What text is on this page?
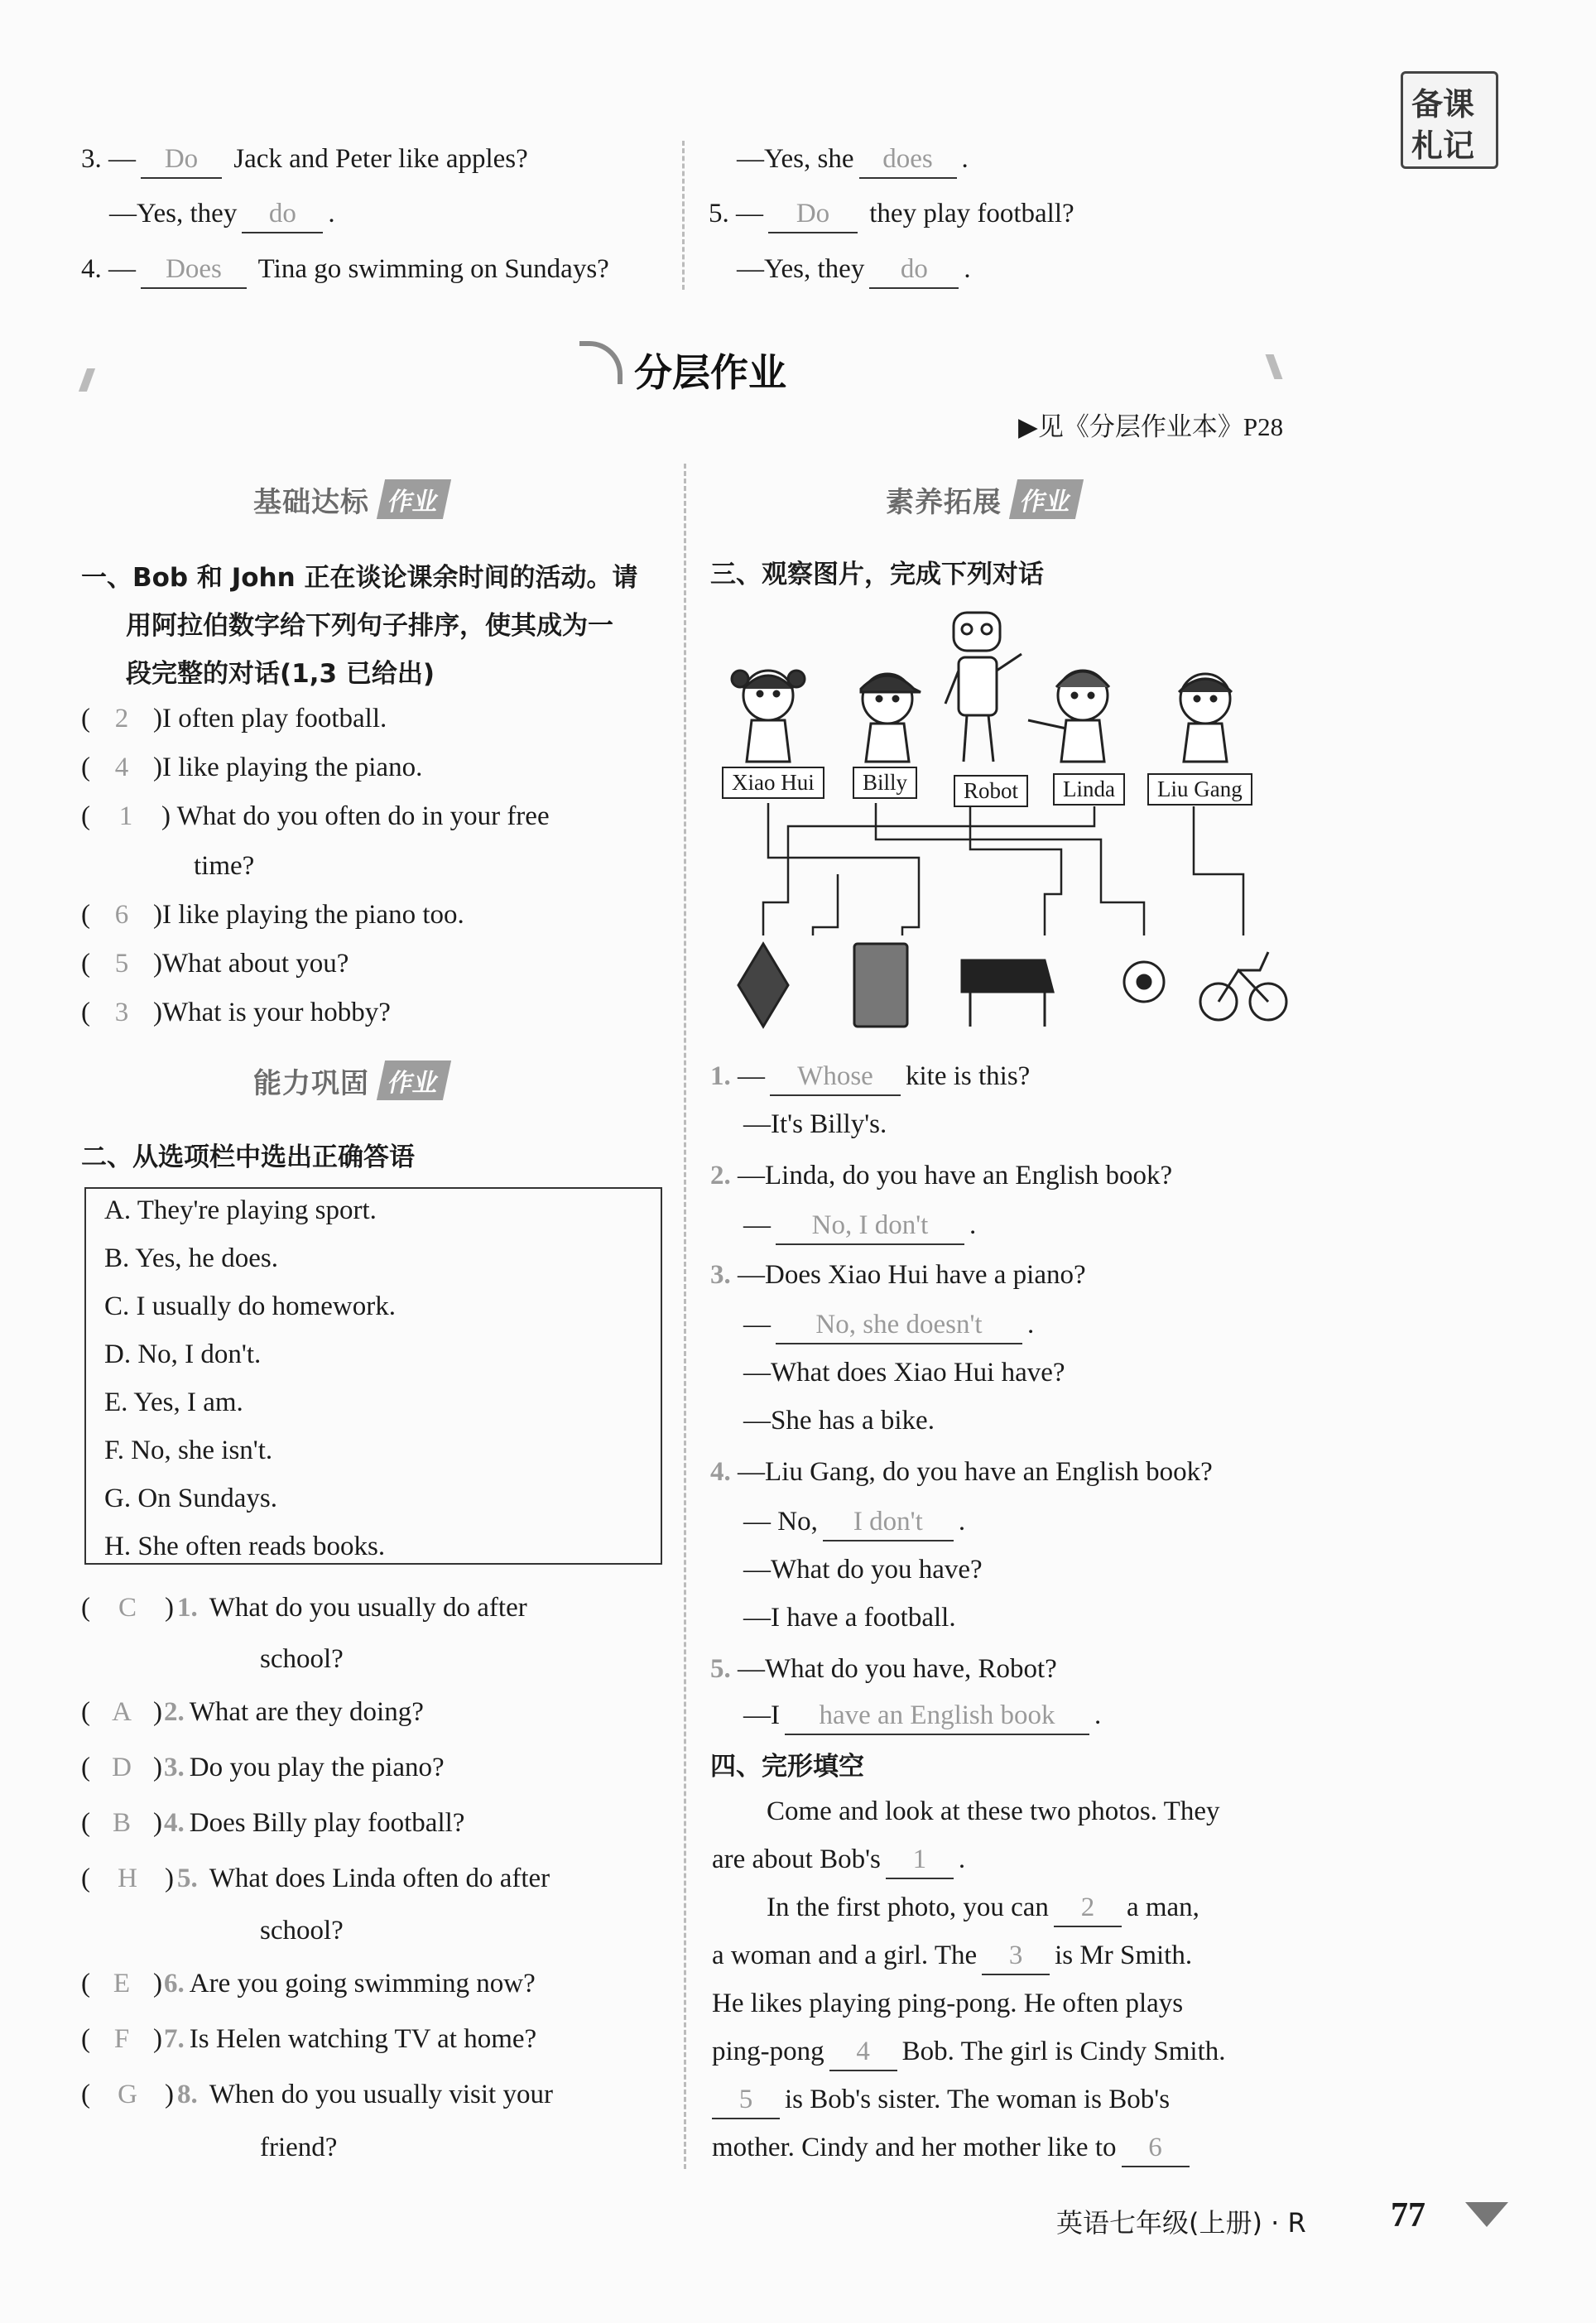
备课
札记
3. — Do Jack and Peter like apples?
—Yes, they do .
4. — Does Tina go swimming on Sundays?
—Yes, she does .
5. — Do they play football?
—Yes, they do .
分层作业
▶见《分层作业本》P28
基础达标 作业
一、Bob 和 John 正在谈论课余时间的活动。请
用阿拉伯数字给下列句子排序，使其成为一
段完整的对话(1,3 已给出)
( 2 )I often play football.
( 4 )I like playing the piano.
( 1 ) What do you often do in your free
time?
( 6 )I like playing the piano too.
( 5 )What about you?
( 3 )What is your hobby?
能力巩固 作业
二、从选项栏中选出正确答语
A. They're playing sport.
B. Yes, he does.
C. I usually do homework.
D. No, I don't.
E. Yes, I am.
F. No, she isn't.
G. On Sundays.
H. She often reads books.
( C ) 1. What do you usually do after
school?
( A )2. What are they doing?
( D )3. Do you play the piano?
( B )4. Does Billy play football?
( H ) 5. What does Linda often do after
school?
( E )6. Are you going swimming now?
( F )7. Is Helen watching TV at home?
( G ) 8. When do you usually visit your
friend?
素养拓展 作业
三、观察图片，完成下列对话
Xiao Hui	Billy	Robot	Linda	Liu Gang
1. — Whose kite is this?
—It's Billy's.
2. —Linda, do you have an English book?
— No, I don't .
3. —Does Xiao Hui have a piano?
— No, she doesn't .
—What does Xiao Hui have?
—She has a bike.
4. —Liu Gang, do you have an English book?
— No, I don't .
—What do you have?
—I have a football.
5. —What do you have, Robot?
—I have an English book .
四、完形填空
Come and look at these two photos. They
are about Bob's 1 .
In the first photo, you can 2 a man,
a woman and a girl. The 3 is Mr Smith.
He likes playing ping-pong. He often plays
ping-pong 4 Bob. The girl is Cindy Smith.
5 is Bob's sister. The woman is Bob's
mother. Cindy and her mother like to 6
英语七年级(上册) · R 77
